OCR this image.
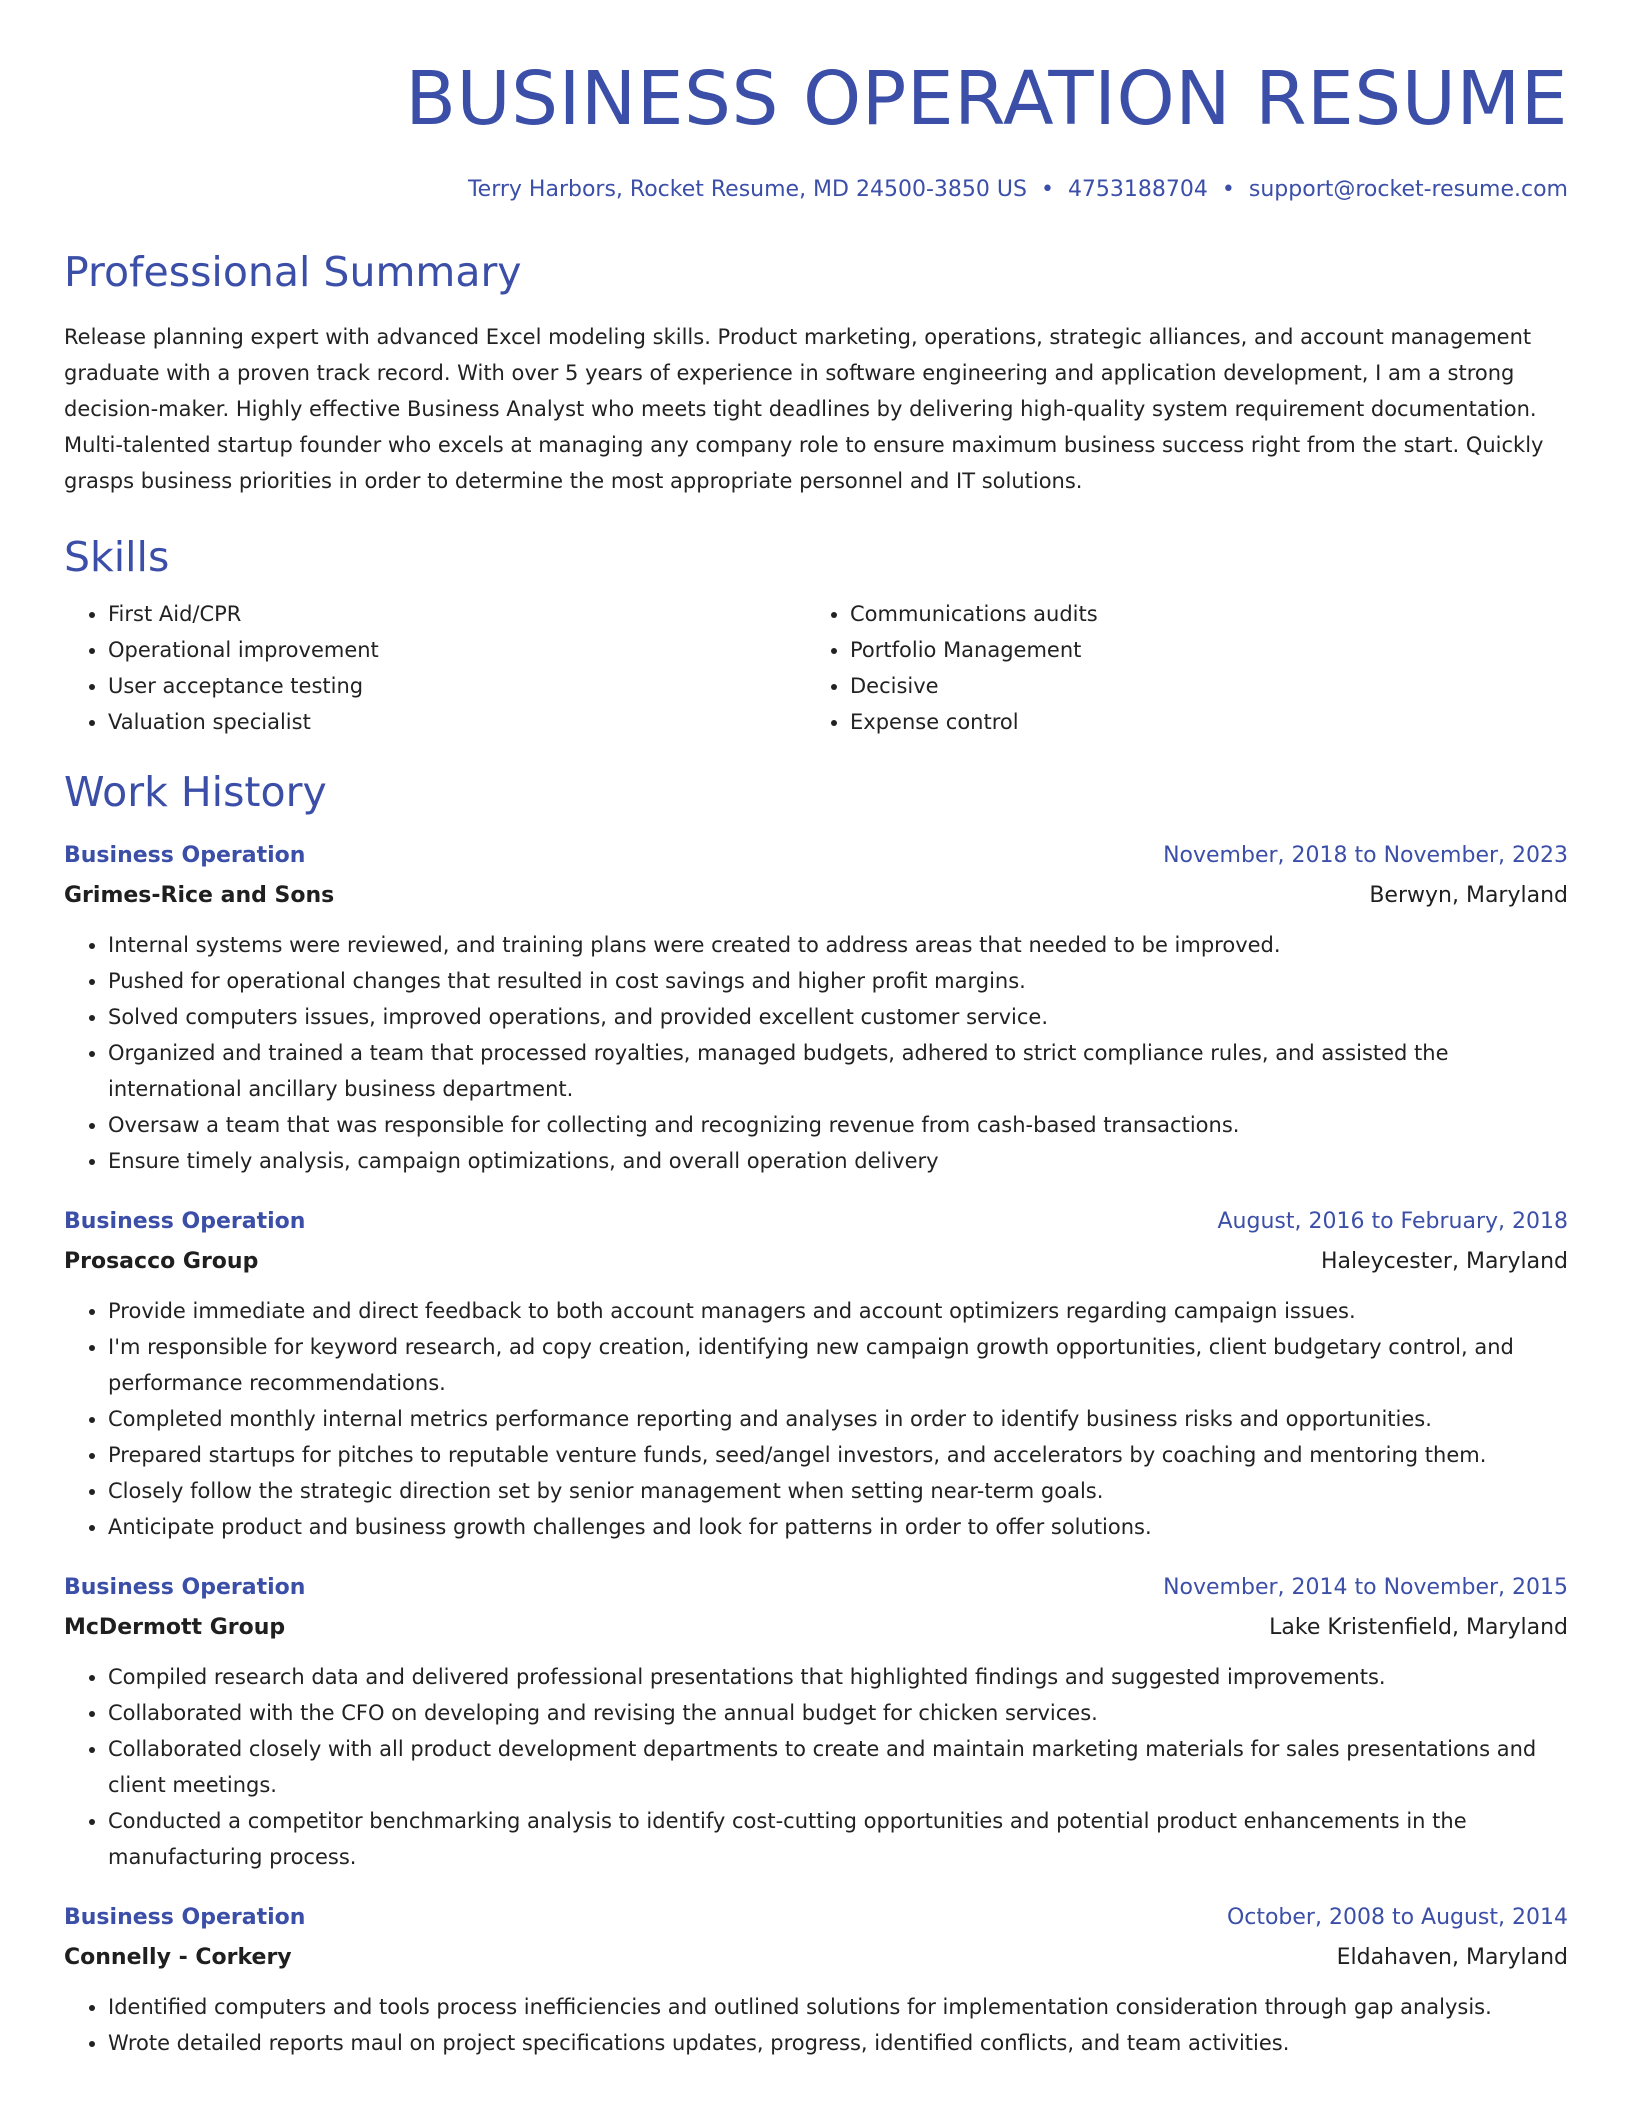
BUSINESS OPERATION RESUME
Terry Harbors, Rocket Resume, MD 24500-3850 US • 4753188704 • support@rocket-resume.com
Professional Summary
Release planning expert with advanced Excel modeling skills. Product marketing, operations, strategic alliances, and account management graduate with a proven track record. With over 5 years of experience in software engineering and application development, I am a strong decision-maker. Highly effective Business Analyst who meets tight deadlines by delivering high-quality system requirement documentation. Multi-talented startup founder who excels at managing any company role to ensure maximum business success right from the start. Quickly grasps business priorities in order to determine the most appropriate personnel and IT solutions.
Skills
• First Aid/CPR
• Operational improvement
• User acceptance testing
• Valuation specialist
• Communications audits
• Portfolio Management
• Decisive
• Expense control
Work History
Business Operation	November, 2018 to November, 2023
Grimes-Rice and Sons	Berwyn, Maryland
• Internal systems were reviewed, and training plans were created to address areas that needed to be improved.
• Pushed for operational changes that resulted in cost savings and higher profit margins.
• Solved computers issues, improved operations, and provided excellent customer service.
• Organized and trained a team that processed royalties, managed budgets, adhered to strict compliance rules, and assisted the international ancillary business department.
• Oversaw a team that was responsible for collecting and recognizing revenue from cash-based transactions.
• Ensure timely analysis, campaign optimizations, and overall operation delivery
Business Operation	August, 2016 to February, 2018
Prosacco Group	Haleycester, Maryland
• Provide immediate and direct feedback to both account managers and account optimizers regarding campaign issues.
• I'm responsible for keyword research, ad copy creation, identifying new campaign growth opportunities, client budgetary control, and performance recommendations.
• Completed monthly internal metrics performance reporting and analyses in order to identify business risks and opportunities.
• Prepared startups for pitches to reputable venture funds, seed/angel investors, and accelerators by coaching and mentoring them.
• Closely follow the strategic direction set by senior management when setting near-term goals.
• Anticipate product and business growth challenges and look for patterns in order to offer solutions.
Business Operation	November, 2014 to November, 2015
McDermott Group	Lake Kristenfield, Maryland
• Compiled research data and delivered professional presentations that highlighted findings and suggested improvements.
• Collaborated with the CFO on developing and revising the annual budget for chicken services.
• Collaborated closely with all product development departments to create and maintain marketing materials for sales presentations and client meetings.
• Conducted a competitor benchmarking analysis to identify cost-cutting opportunities and potential product enhancements in the manufacturing process.
Business Operation	October, 2008 to August, 2014
Connelly - Corkery	Eldahaven, Maryland
• Identified computers and tools process inefficiencies and outlined solutions for implementation consideration through gap analysis.
• Wrote detailed reports maul on project specifications updates, progress, identified conflicts, and team activities.
